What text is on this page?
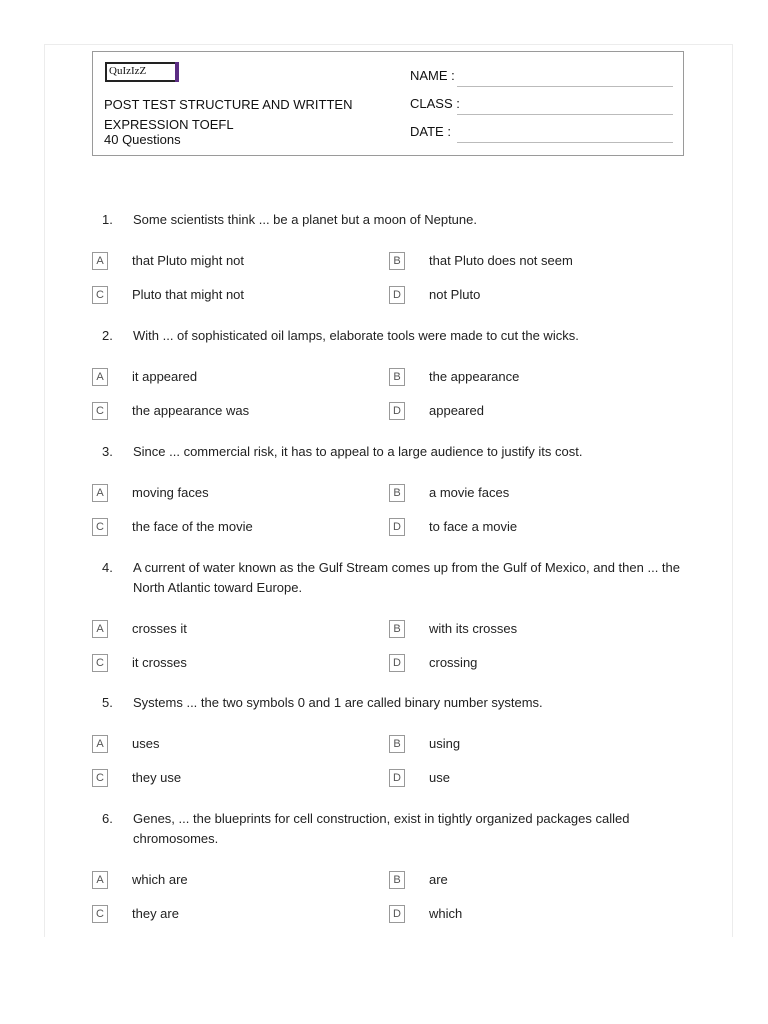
QuIzIzZ
POST TEST STRUCTURE AND WRITTEN EXPRESSION TOEFL
40 Questions
NAME :
CLASS :
DATE :
1. Some scientists think ... be a planet but a moon of Neptune.
A	that Pluto might not	B	that Pluto does not seem
C	Pluto that might not	D	not Pluto
2. With ... of sophisticated oil lamps, elaborate tools were made to cut the wicks.
A	it appeared	B	the appearance
C	the appearance was	D	appeared
3. Since ... commercial risk, it has to appeal to a large audience to justify its cost.
A	moving faces	B	a movie faces
C	the face of the movie	D	to face a movie
4. A current of water known as the Gulf Stream comes up from the Gulf of Mexico, and then ... the North Atlantic toward Europe.
A	crosses it	B	with its crosses
C	it crosses	D	crossing
5. Systems ... the two symbols 0 and 1 are called binary number systems.
A	uses	B	using
C	they use	D	use
6. Genes, ... the blueprints for cell construction, exist in tightly organized packages called chromosomes.
A	which are	B	are
C	they are	D	which
